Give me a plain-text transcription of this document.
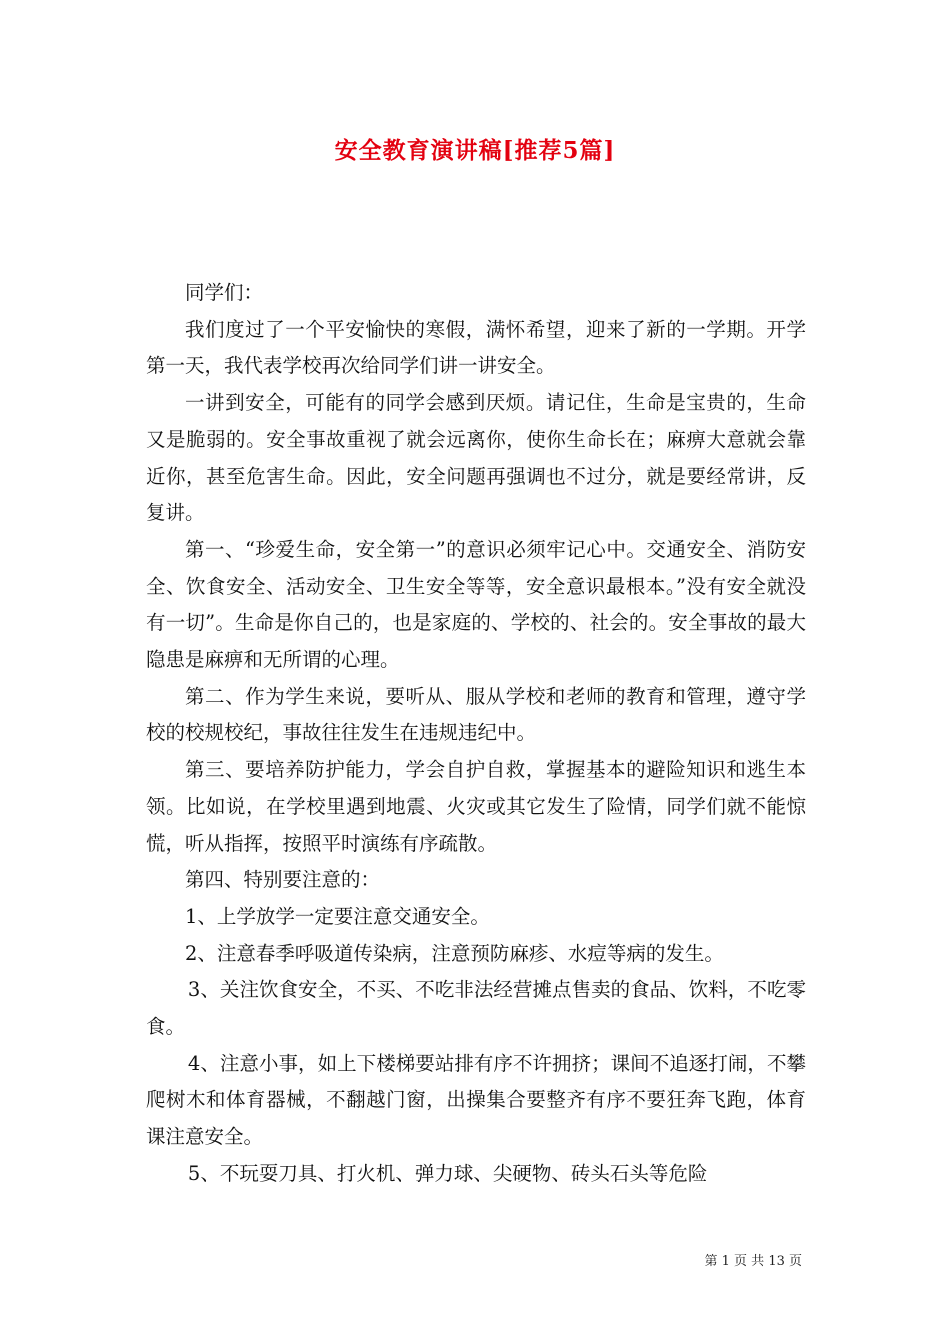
安全教育演讲稿[推荐5篇]

同学们：

我们度过了一个平安愉快的寒假，满怀希望，迎来了新的一学期。开学第一天，我代表学校再次给同学们讲一讲安全。

一讲到安全，可能有的同学会感到厌烦。请记住，生命是宝贵的，生命又是脆弱的。安全事故重视了就会远离你，使你生命长在；麻痹大意就会靠近你，甚至危害生命。因此，安全问题再强调也不过分，就是要经常讲，反复讲。

第一、“珍爱生命，安全第一”的意识必须牢记心中。交通安全、消防安全、饮食安全、活动安全、卫生安全等等，安全意识最根本。”没有安全就没有一切”。生命是你自己的，也是家庭的、学校的、社会的。安全事故的最大隐患是麻痹和无所谓的心理。

第二、作为学生来说，要听从、服从学校和老师的教育和管理，遵守学校的校规校纪，事故往往发生在违规违纪中。

第三、要培养防护能力，学会自护自救，掌握基本的避险知识和逃生本领。比如说，在学校里遇到地震、火灾或其它发生了险情，同学们就不能惊慌，听从指挥，按照平时演练有序疏散。

第四、特别要注意的：

1、上学放学一定要注意交通安全。

2、注意春季呼吸道传染病，注意预防麻疹、水痘等病的发生。

3、关注饮食安全，不买、不吃非法经营摊点售卖的食品、饮料，不吃零食。

4、注意小事，如上下楼梯要站排有序不许拥挤；课间不追逐打闹，不攀爬树木和体育器械，不翻越门窗，出操集合要整齐有序不要狂奔飞跑，体育课注意安全。

5、不玩耍刀具、打火机、弹力球、尖硬物、砖头石头等危险

第 1 页 共 13 页
